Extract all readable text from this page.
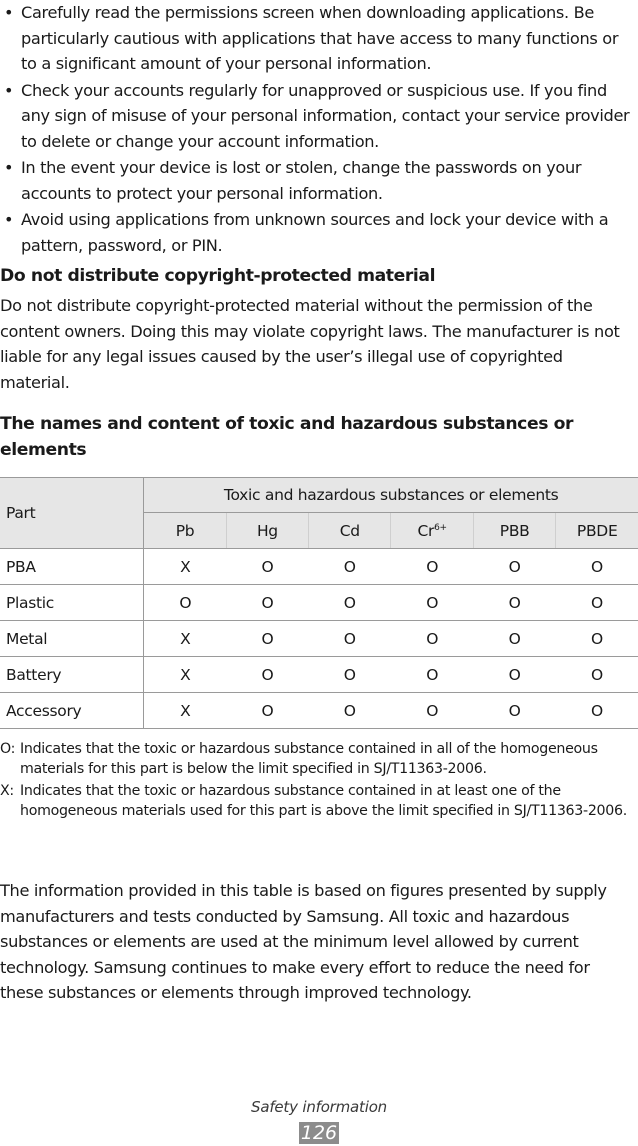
• Carefully read the permissions screen when downloading applications. Be particularly cautious with applications that have access to many functions or to a significant amount of your personal information.
• Check your accounts regularly for unapproved or suspicious use. If you find any sign of misuse of your personal information, contact your service provider to delete or change your account information.
• In the event your device is lost or stolen, change the passwords on your accounts to protect your personal information.
• Avoid using applications from unknown sources and lock your device with a pattern, password, or PIN.
Do not distribute copyright-protected material
Do not distribute copyright-protected material without the permission of the content owners. Doing this may violate copyright laws. The manufacturer is not liable for any legal issues caused by the user’s illegal use of copyrighted material.
The names and content of toxic and hazardous substances or elements
Part	Toxic and hazardous substances or elements					
	Pb	Hg	Cd	$Cr^{6+}$	PBB	PBDE
PBA	X	O	O	O	O	O
Plastic	O	O	O	O	O	O
Metal	X	O	O	O	O	O
Battery	X	O	O	O	O	O
Accessory	X	O	O	O	O	O
O: Indicates that the toxic or hazardous substance contained in all of the homogeneous materials for this part is below the limit specified in SJ/T11363-2006.
X: Indicates that the toxic or hazardous substance contained in at least one of the homogeneous materials used for this part is above the limit specified in SJ/T11363-2006.
The information provided in this table is based on figures presented by supply manufacturers and tests conducted by Samsung. All toxic and hazardous substances or elements are used at the minimum level allowed by current technology. Samsung continues to make every effort to reduce the need for these substances or elements through improved technology.
Safety information
126
